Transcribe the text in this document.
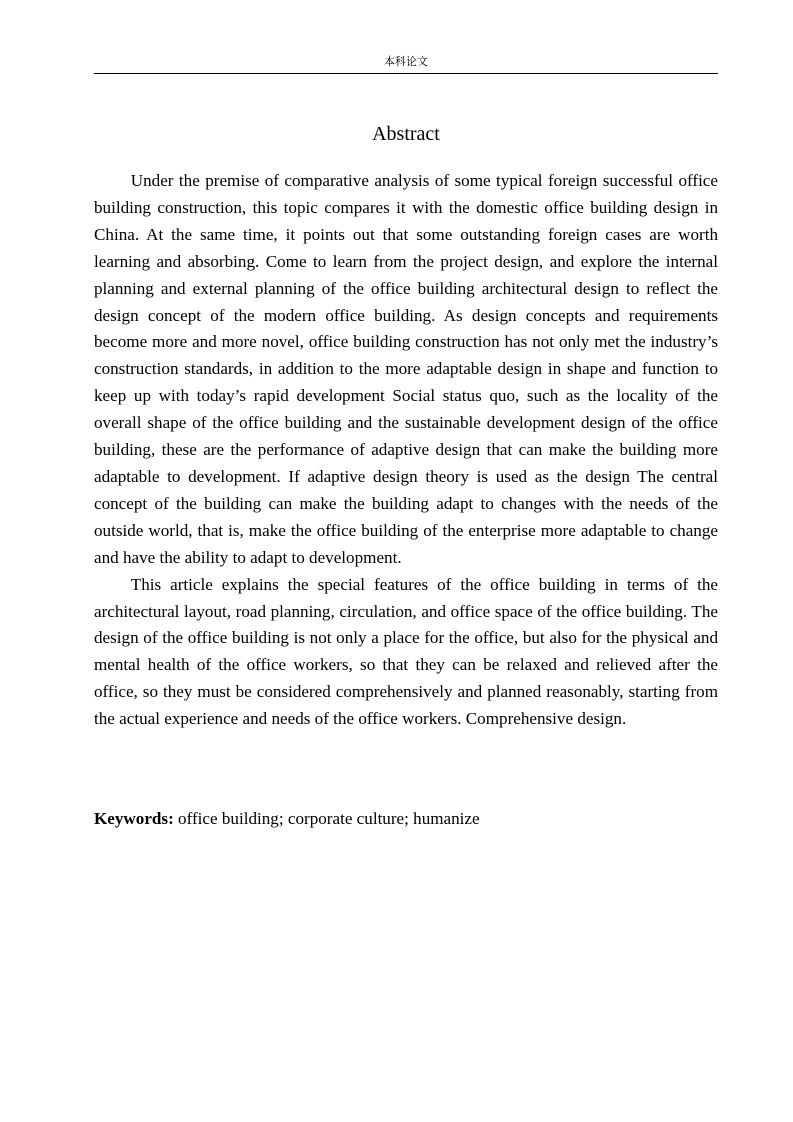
本科论文
Abstract

Under the premise of comparative analysis of some typical foreign successful office building construction, this topic compares it with the domestic office building design in China. At the same time, it points out that some outstanding foreign cases are worth learning and absorbing. Come to learn from the project design, and explore the internal planning and external planning of the office building architectural design to reflect the design concept of the modern office building. As design concepts and requirements become more and more novel, office building construction has not only met the industry’s construction standards, in addition to the more adaptable design in shape and function to keep up with today’s rapid development Social status quo, such as the locality of the overall shape of the office building and the sustainable development design of the office building, these are the performance of adaptive design that can make the building more adaptable to development. If adaptive design theory is used as the design The central concept of the building can make the building adapt to changes with the needs of the outside world, that is, make the office building of the enterprise more adaptable to change and have the ability to adapt to development.

This article explains the special features of the office building in terms of the architectural layout, road planning, circulation, and office space of the office building. The design of the office building is not only a place for the office, but also for the physical and mental health of the office workers, so that they can be relaxed and relieved after the office, so they must be considered comprehensively and planned reasonably, starting from the actual experience and needs of the office workers. Comprehensive design.

Keywords: office building; corporate culture; humanize
